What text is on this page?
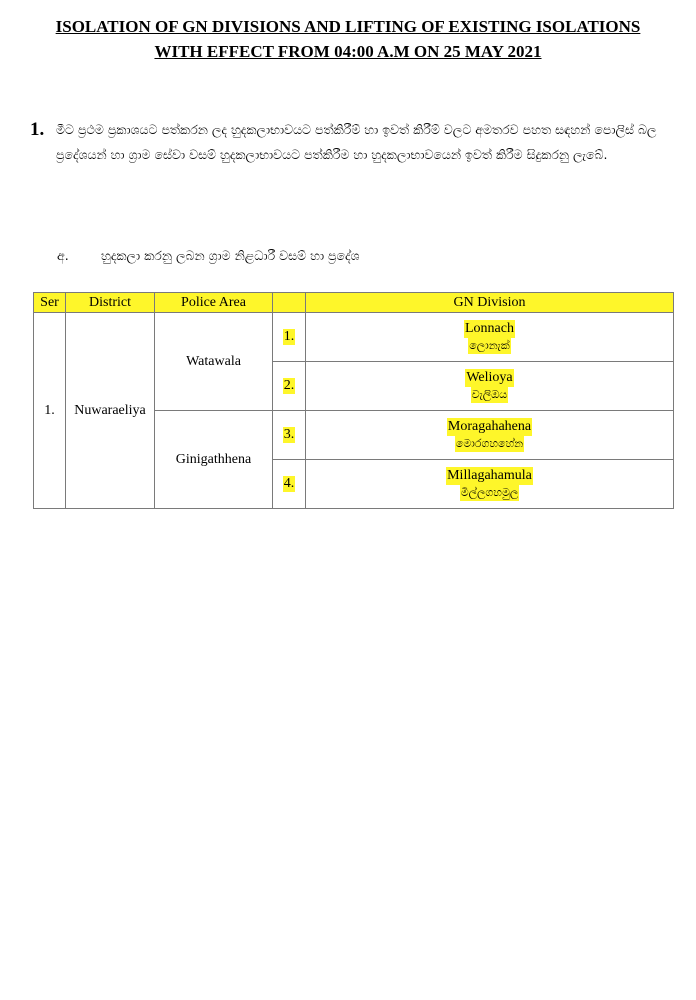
ISOLATION OF GN DIVISIONS AND LIFTING OF EXISTING ISOLATIONS
WITH EFFECT FROM 04:00 A.M ON 25 MAY 2021
1. මීට ප්‍රථම ප්‍රකාශයට පත්කරන ලද හුදකලාභාවයට පත්කිරීම් හා ඉවත් කිරීම් වලට අමතරව පහත සඳහන් පොලිස් බල ප්‍රදේශයන් හා ග්‍රාම සේවා වසම් හුදකලාභාවයට පත්කිරීම හා හුදකලාභාවයෙන් ඉවත් කිරීම සිදුකරනු ලැබේ.
අ.	හුදකලා කරනු ලබන ග්‍රාම නිළධාරී වසම් හා ප්‍රදේශ
Ser	District	Police Area		GN Division
1.	Nuwaraeliya	Watawala	1.	Lonnach
ලොනැක්

			2.	Welioya
වැලිඔය

		Ginigathhena	3.	Moragahahena
මොරගහහේන

			4.	Millagahamula
මිල්ලගහමුල
